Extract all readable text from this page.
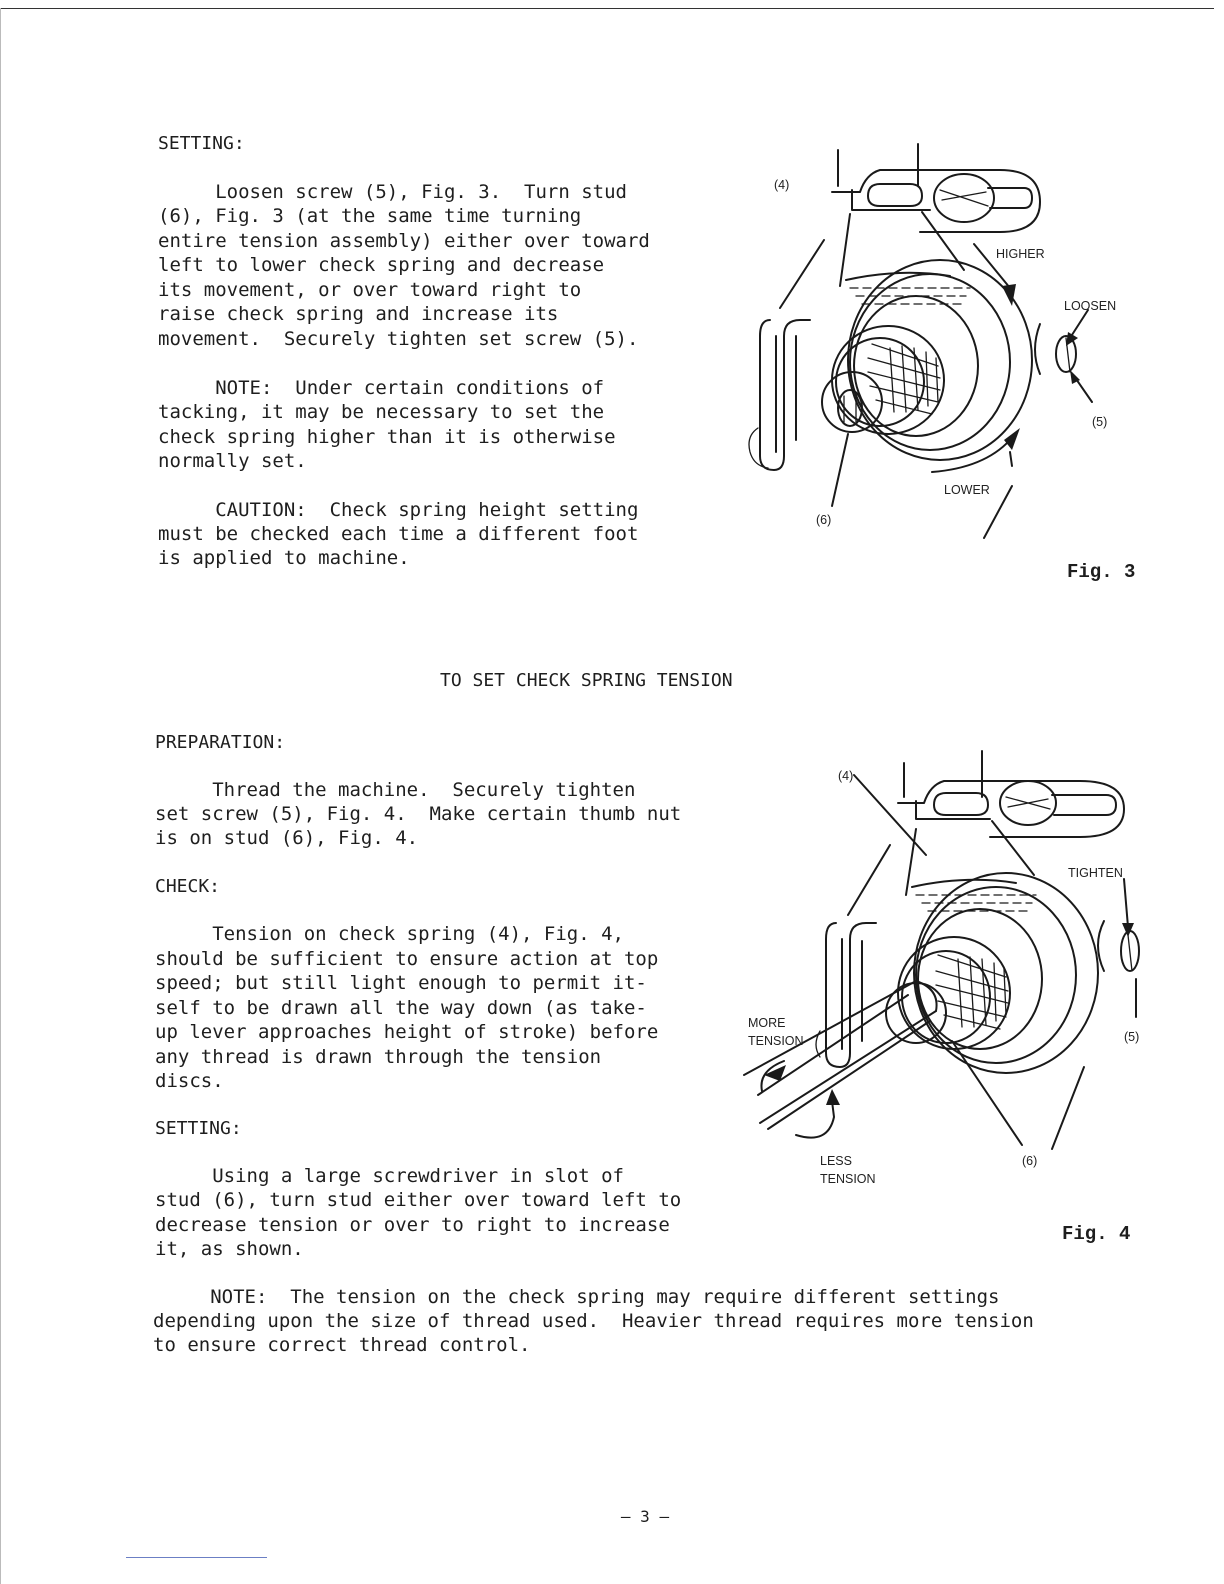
SETTING:

Loosen screw (5), Fig. 3.  Turn stud

(6), Fig. 3 (at the same time turning

entire tension assembly) either over toward

left to lower check spring and decrease

its movement, or over toward right to

raise check spring and increase its

movement.  Securely tighten set screw (5).

NOTE:  Under certain conditions of

tacking, it may be necessary to set the

check spring higher than it is otherwise

normally set.

CAUTION:  Check spring height setting

must be checked each time a different foot

is applied to machine.

(4)
HIGHER
LOOSEN
(5)
LOWER
(6)

Fig. 3

TO SET CHECK SPRING TENSION

PREPARATION:

Thread the machine.  Securely tighten

set screw (5), Fig. 4.  Make certain thumb nut

is on stud (6), Fig. 4.

CHECK:

Tension on check spring (4), Fig. 4,

should be sufficient to ensure action at top

speed; but still light enough to permit it-

self to be drawn all the way down (as take-

up lever approaches height of stroke) before

any thread is drawn through the tension

discs.

SETTING:

Using a large screwdriver in slot of

stud (6), turn stud either over toward left to

decrease tension or over to right to increase

it, as shown.

NOTE:  The tension on the check spring may require different settings

depending upon the size of thread used.  Heavier thread requires more tension

to ensure correct thread control.

(4)
TIGHTEN
MORE
TENSION	(5)
LESS
TENSION
(6)

Fig. 4

— 3 —
